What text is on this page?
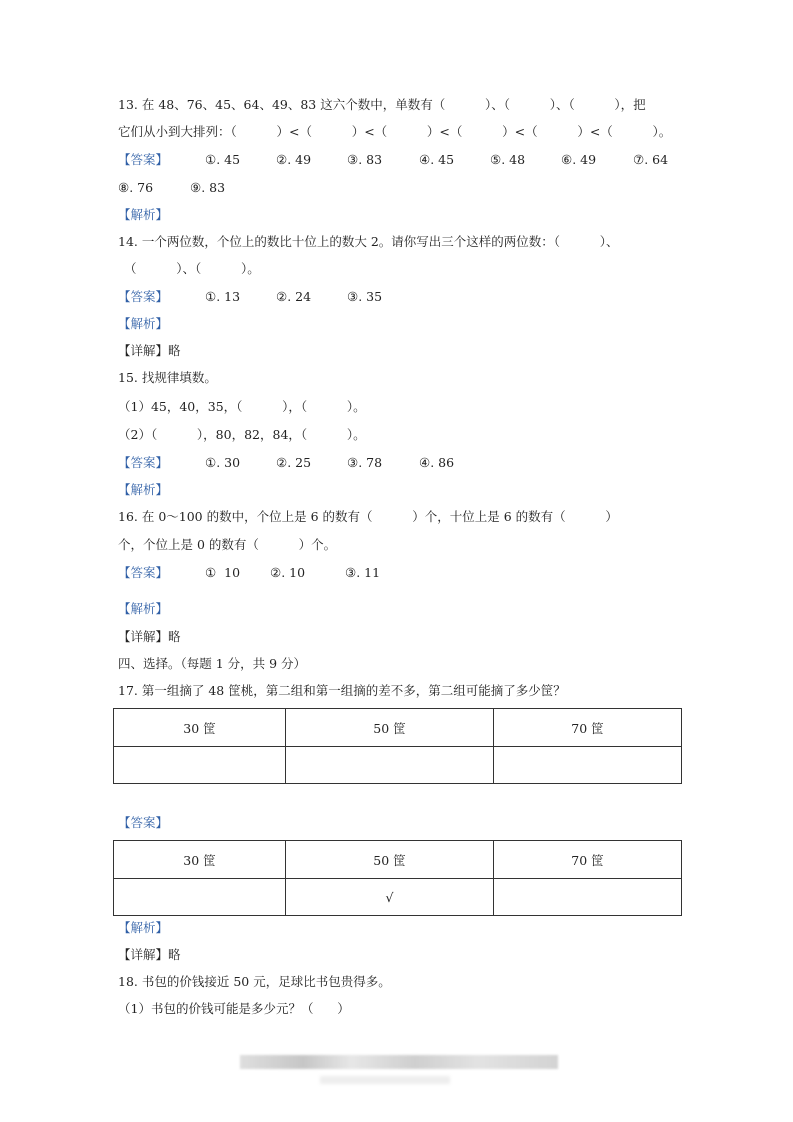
13. 在 48、76、45、64、49、83 这六个数中，单数有（          ）、（          ）、（          ），把
它们从小到大排列：（          ）<（          ）<（          ）<（          ）<（          ）<（          ）。
【答案】	①. 45	②. 49	③. 83	④. 45	⑤. 48	⑥. 49	⑦. 64
⑧. 76	⑨. 83
【解析】
14. 一个两位数，个位上的数比十位上的数大 2。请你写出三个这样的两位数：（          ）、
（          ）、（          ）。
【答案】	①. 13	②. 24	③. 35
【解析】
【详解】略
15. 找规律填数。
（1）45，40，35，（          ），（          ）。
（2）（          ），80，82，84，（          ）。
【答案】	①. 30	②. 25	③. 78	④. 86
【解析】
16. 在 0～100 的数中，个位上是 6 的数有（          ）个，十位上是 6 的数有（          ）
个，个位上是 0 的数有（          ）个。
【答案】	①  10 ②. 10	③. 11
【解析】
【详解】略
四、选择。（每题 1 分，共 9 分）
17. 第一组摘了 48 筐桃，第二组和第一组摘的差不多，第二组可能摘了多少筐？
30 筐	50 筐	70 筐

【答案】
30 筐	50 筐	70 筐
	√	
【解析】
【详解】略
18. 书包的价钱接近 50 元，足球比书包贵得多。
（1）书包的价钱可能是多少元？（      ）
